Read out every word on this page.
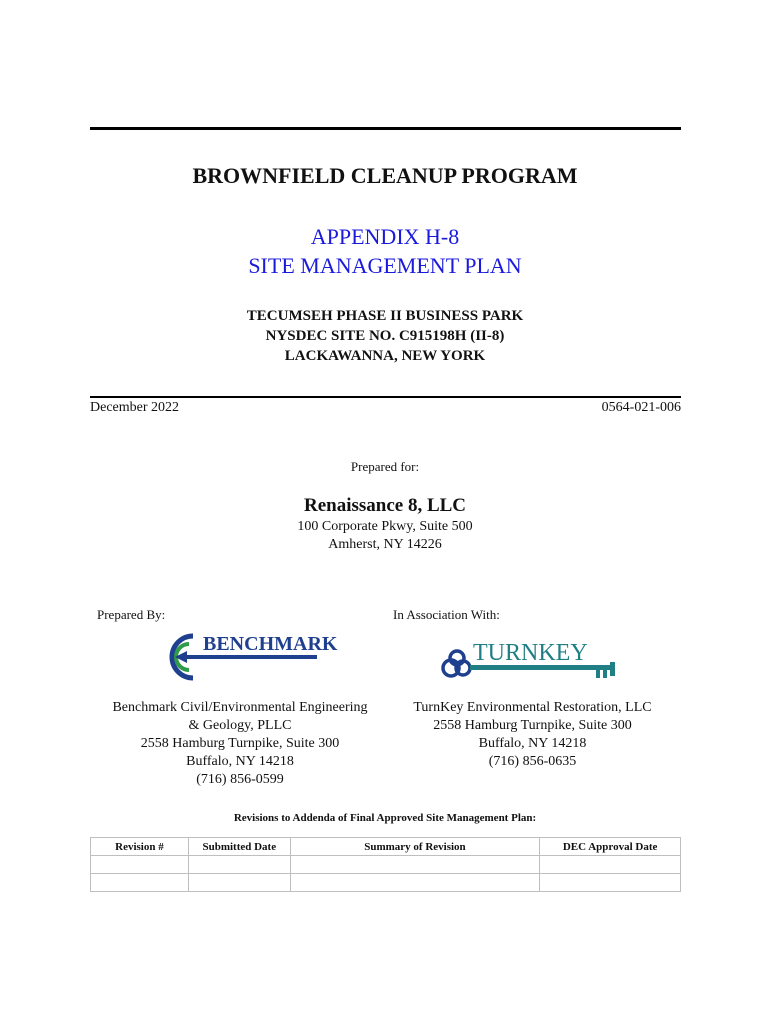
BROWNFIELD CLEANUP PROGRAM
APPENDIX H-8
SITE MANAGEMENT PLAN
TECUMSEH PHASE II BUSINESS PARK
NYSDEC SITE NO. C915198H (II-8)
LACKAWANNA, NEW YORK
December 2022	0564-021-006
Prepared for:
Renaissance 8, LLC
100 Corporate Pkwy, Suite 500
Amherst, NY 14226
Prepared By:	In Association With:
BENCHMARK	TURNKEY
Benchmark Civil/Environmental Engineering
& Geology, PLLC
2558 Hamburg Turnpike, Suite 300
Buffalo, NY 14218
(716) 856-0599
TurnKey Environmental Restoration, LLC
2558 Hamburg Turnpike, Suite 300
Buffalo, NY 14218
(716) 856-0635
Revisions to Addenda of Final Approved Site Management Plan:
Revision #	Submitted Date	Summary of Revision	DEC Approval Date
